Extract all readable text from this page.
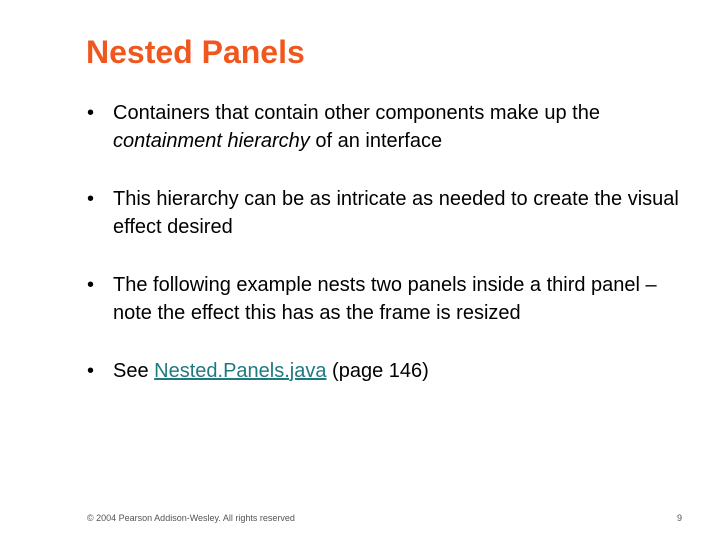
Nested Panels
• Containers that contain other components make up the containment hierarchy of an interface
• This hierarchy can be as intricate as needed to create the visual effect desired
• The following example nests two panels inside a third panel – note the effect this has as the frame is resized
• See Nested.Panels.java (page 146)
© 2004 Pearson Addison-Wesley. All rights reserved	9
